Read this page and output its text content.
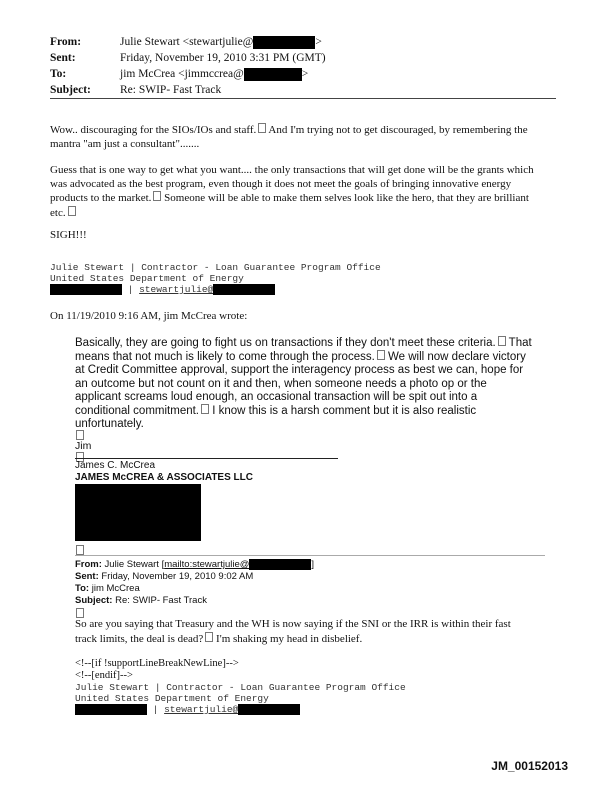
From:	Julie Stewart <stewartjulie@	>
Sent:	Friday, November 19, 2010 3:31 PM (GMT)
To:	jim McCrea <jimmccrea@	>
Subject:	Re: SWIP- Fast Track
Wow.. discouraging for the SIOs/IOs and staff. And I'm trying not to get discouraged, by remembering the
mantra "am just a consultant".......
Guess that is one way to get what you want.... the only transactions that will get done will be the grants which
was advocated as the best program, even though it does not meet the goals of bringing innovative energy
products to the market. Someone will be able to make them selves look like the hero, that they are brilliant
etc.
SIGH!!!
Julie Stewart | Contractor - Loan Guarantee Program Office
United States Department of Energy
| stewartjulie@
On 11/19/2010 9:16 AM, jim McCrea wrote:
Basically, they are going to fight us on transactions if they don't meet these criteria. That
means that not much is likely to come through the process. We will now declare victory
at Credit Committee approval, support the interagency process as best we can, hope for
an outcome but not count on it and then, when someone needs a photo op or the
applicant screams loud enough, an occasional transaction will be spit out into a
conditional commitment. I know this is a harsh comment but it is also realistic
unfortunately.
Jim
James C. McCrea
JAMES McCREA & ASSOCIATES LLC
From: Julie Stewart [mailto:stewartjulie@	]
Sent: Friday, November 19, 2010 9:02 AM
To: jim McCrea
Subject: Re: SWIP- Fast Track
So are you saying that Treasury and the WH is now saying if the SNI or the IRR is within their fast
track limits, the deal is dead? I'm shaking my head in disbelief.
<!--[if !supportLineBreakNewLine]-->
<!--[endif]-->
Julie Stewart | Contractor - Loan Guarantee Program Office
United States Department of Energy
| stewartjulie@
JM_00152013
